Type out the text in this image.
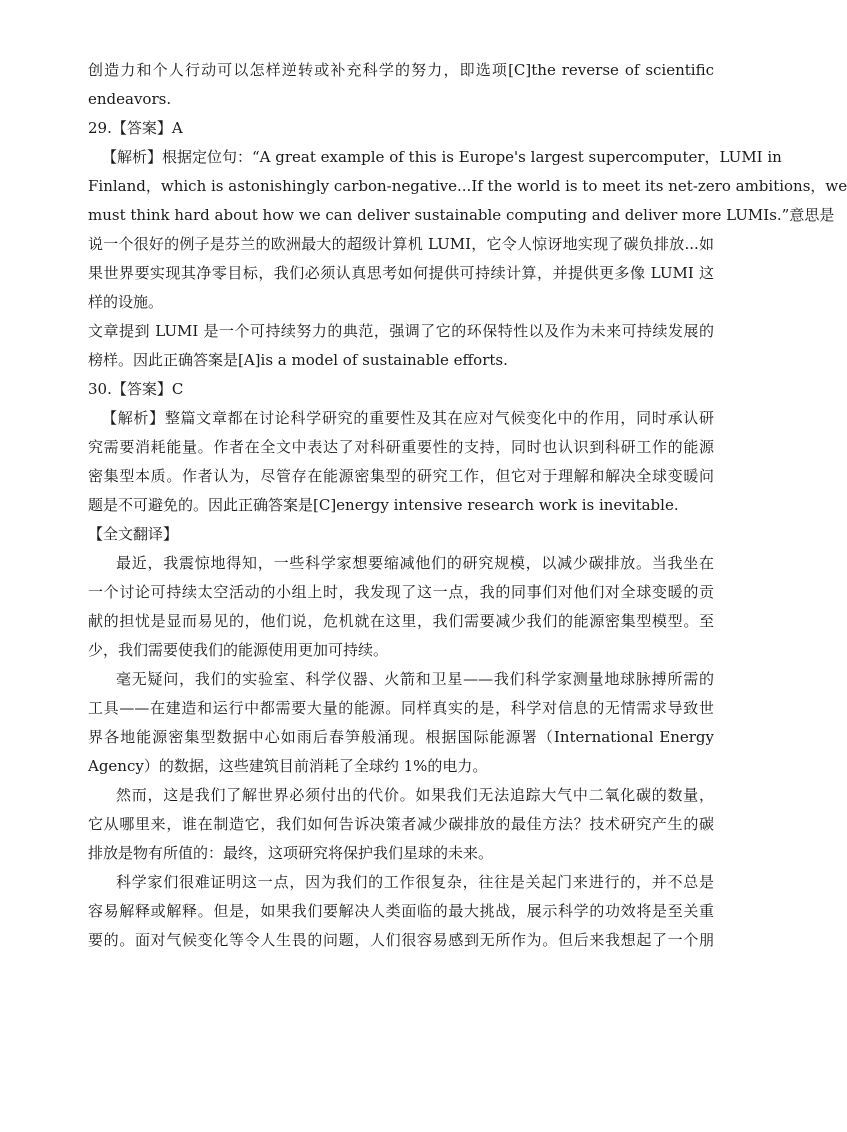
创造力和个人行动可以怎样逆转或补充科学的努力，即选项[C]the reverse of scientific
endeavors.
29.【答案】A
【解析】根据定位句：“A great example of this is Europe's largest supercomputer，LUMI in
Finland，which is astonishingly carbon-negative...If the world is to meet its net-zero ambitions，we
must think hard about how we can deliver sustainable computing and deliver more LUMIs.”意思是
说一个很好的例子是芬兰的欧洲最大的超级计算机 LUMI，它令人惊讶地实现了碳负排放...如
果世界要实现其净零目标，我们必须认真思考如何提供可持续计算，并提供更多像 LUMI 这
样的设施。
文章提到 LUMI 是一个可持续努力的典范，强调了它的环保特性以及作为未来可持续发展的
榜样。因此正确答案是[A]is a model of sustainable efforts.
30.【答案】C
【解析】整篇文章都在讨论科学研究的重要性及其在应对气候变化中的作用，同时承认研
究需要消耗能量。作者在全文中表达了对科研重要性的支持，同时也认识到科研工作的能源
密集型本质。作者认为，尽管存在能源密集型的研究工作，但它对于理解和解决全球变暖问
题是不可避免的。因此正确答案是[C]energy intensive research work is inevitable.
【全文翻译】
最近，我震惊地得知，一些科学家想要缩减他们的研究规模，以减少碳排放。当我坐在
一个讨论可持续太空活动的小组上时，我发现了这一点，我的同事们对他们对全球变暖的贡
献的担忧是显而易见的，他们说，危机就在这里，我们需要减少我们的能源密集型模型。至
少，我们需要使我们的能源使用更加可持续。
毫无疑问，我们的实验室、科学仪器、火箭和卫星——我们科学家测量地球脉搏所需的
工具——在建造和运行中都需要大量的能源。同样真实的是，科学对信息的无情需求导致世
界各地能源密集型数据中心如雨后春笋般涌现。根据国际能源署（International Energy
Agency）的数据，这些建筑目前消耗了全球约 1%的电力。
然而，这是我们了解世界必须付出的代价。如果我们无法追踪大气中二氧化碳的数量，
它从哪里来，谁在制造它，我们如何告诉决策者减少碳排放的最佳方法？技术研究产生的碳
排放是物有所值的：最终，这项研究将保护我们星球的未来。
科学家们很难证明这一点，因为我们的工作很复杂，往往是关起门来进行的，并不总是
容易解释或解释。但是，如果我们要解决人类面临的最大挑战，展示科学的功效将是至关重
要的。面对气候变化等令人生畏的问题，人们很容易感到无所作为。但后来我想起了一个朋
